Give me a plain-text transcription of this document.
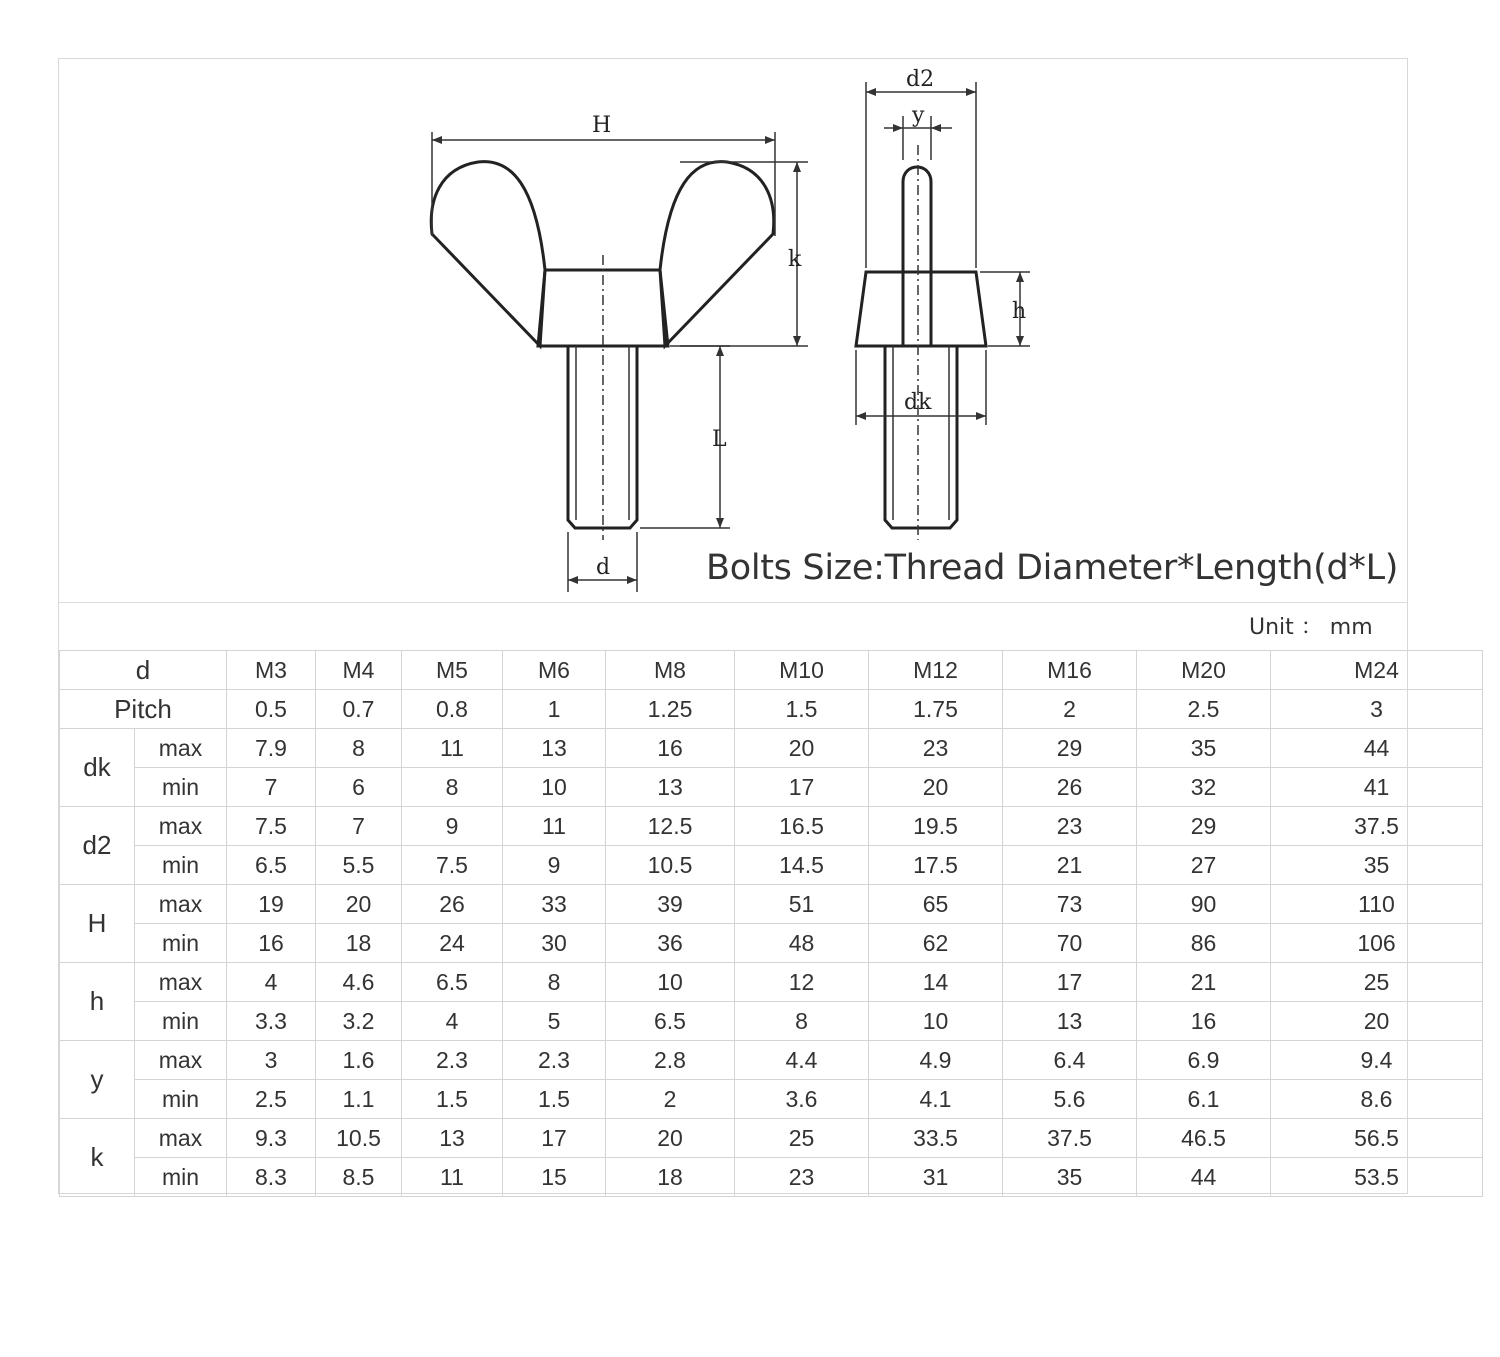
H
k
L
d
d2
y
h
dk
Bolts Size:Thread Diameter*Length(d*L)
Unit ： mm
d		M3	M4	M5	M6	M8	M10	M12	M16	M20	M24
Pitch		0.5	0.7	0.8	1	1.25	1.5	1.75	2	2.5	3
dk	max	7.9	8	11	13	16	20	23	29	35	44
	min	7	6	8	10	13	17	20	26	32	41
d2	max	7.5	7	9	11	12.5	16.5	19.5	23	29	37.5
	min	6.5	5.5	7.5	9	10.5	14.5	17.5	21	27	35
H	max	19	20	26	33	39	51	65	73	90	110
	min	16	18	24	30	36	48	62	70	86	106
h	max	4	4.6	6.5	8	10	12	14	17	21	25
	min	3.3	3.2	4	5	6.5	8	10	13	16	20
y	max	3	1.6	2.3	2.3	2.8	4.4	4.9	6.4	6.9	9.4
	min	2.5	1.1	1.5	1.5	2	3.6	4.1	5.6	6.1	8.6
k	max	9.3	10.5	13	17	20	25	33.5	37.5	46.5	56.5
	min	8.3	8.5	11	15	18	23	31	35	44	53.5
